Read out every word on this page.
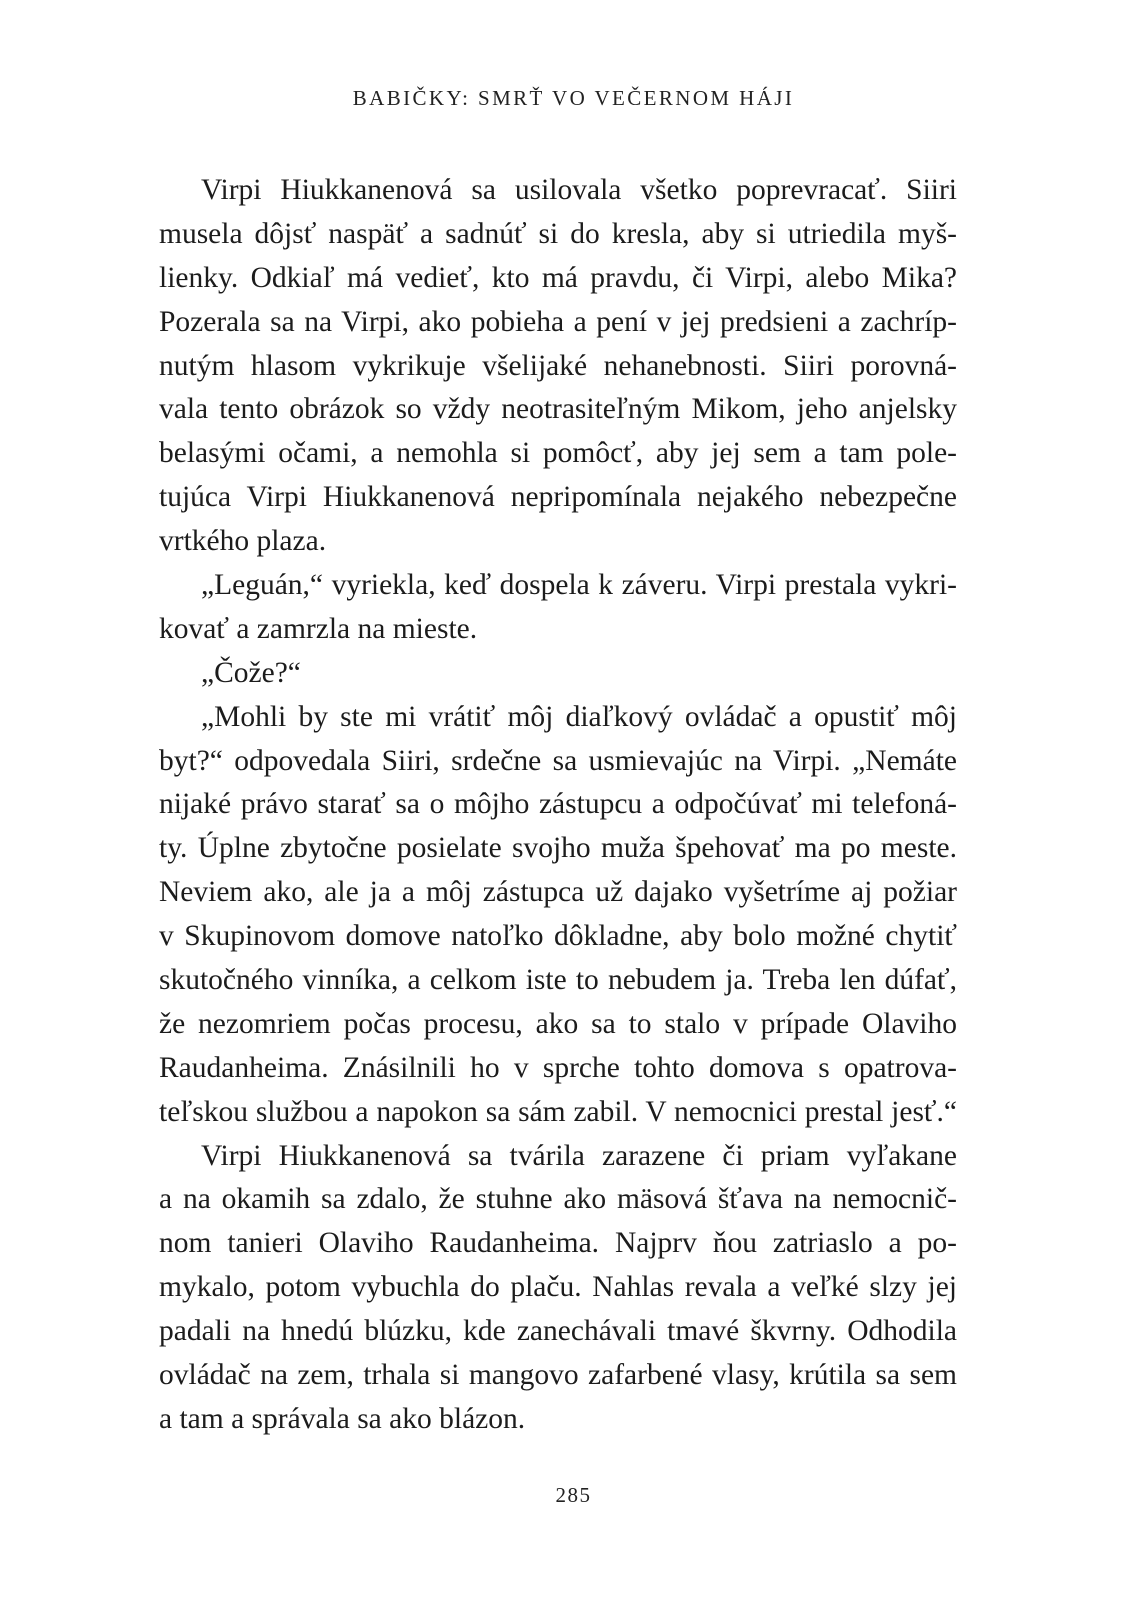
BABIČKY: SMRŤ VO VEČERNOM HÁJI
Virpi Hiukkanenová sa usilovala všetko poprevracať. Siiri
musela dôjsť naspäť a sadnúť si do kresla, aby si utriedila myš-
lienky. Odkiaľ má vedieť, kto má pravdu, či Virpi, alebo Mika?
Pozerala sa na Virpi, ako pobieha a pení v jej predsieni a zachríp-
nutým hlasom vykrikuje všelijaké nehanebnosti. Siiri porovná-
vala tento obrázok so vždy neotrasiteľným Mikom, jeho anjelsky
belasými očami, a nemohla si pomôcť, aby jej sem a tam pole-
tujúca Virpi Hiukkanenová nepripomínala nejakého nebezpečne
vrtkého plaza.
„Leguán,“ vyriekla, keď dospela k záveru. Virpi prestala vykri-
kovať a zamrzla na mieste.
„Čože?“
„Mohli by ste mi vrátiť môj diaľkový ovládač a opustiť môj
byt?“ odpovedala Siiri, srdečne sa usmievajúc na Virpi. „Nemáte
nijaké právo starať sa o môjho zástupcu a odpočúvať mi telefoná-
ty. Úplne zbytočne posielate svojho muža špehovať ma po meste.
Neviem ako, ale ja a môj zástupca už dajako vyšetríme aj požiar
v Skupinovom domove natoľko dôkladne, aby bolo možné chytiť
skutočného vinníka, a celkom iste to nebudem ja. Treba len dúfať,
že nezomriem počas procesu, ako sa to stalo v prípade Olaviho
Raudanheima. Znásilnili ho v sprche tohto domova s opatrova-
teľskou službou a napokon sa sám zabil. V nemocnici prestal jesť.“
Virpi Hiukkanenová sa tvárila zarazene či priam vyľakane
a na okamih sa zdalo, že stuhne ako mäsová šťava na nemocnič-
nom tanieri Olaviho Raudanheima. Najprv ňou zatriaslo a po-
mykalo, potom vybuchla do plaču. Nahlas revala a veľké slzy jej
padali na hnedú blúzku, kde zanechávali tmavé škvrny. Odhodila
ovládač na zem, trhala si mangovo zafarbené vlasy, krútila sa sem
a tam a správala sa ako blázon.
285
